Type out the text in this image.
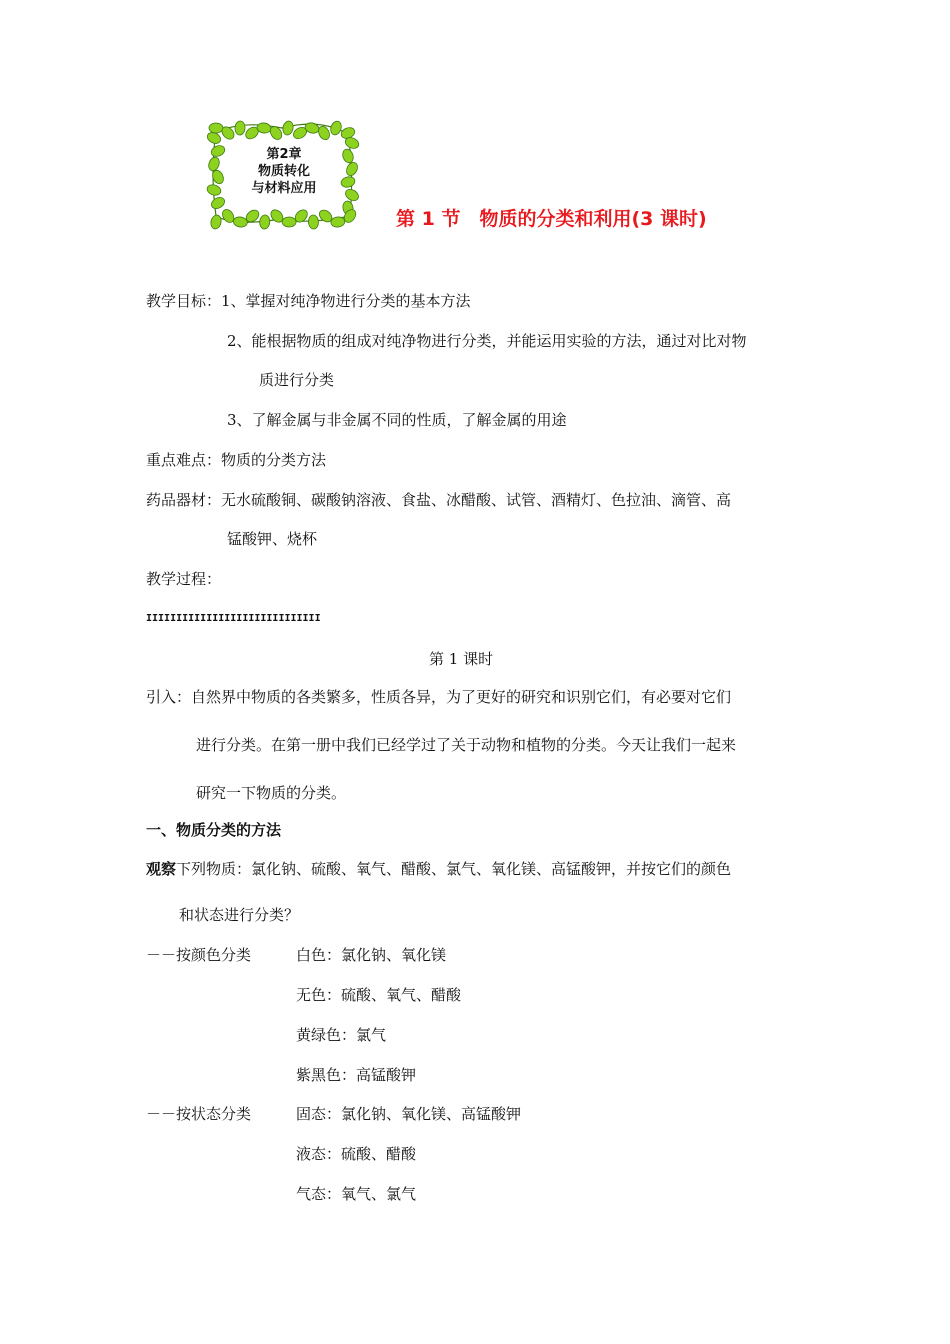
第2章
物质转化
与材料应用
第 1 节　物质的分类和利用(3 课时)
教学目标：1、掌握对纯净物进行分类的基本方法
2、能根据物质的组成对纯净物进行分类，并能运用实验的方法，通过对比对物
质进行分类
3、了解金属与非金属不同的性质，了解金属的用途
重点难点：物质的分类方法
药品器材：无水硫酸铜、碳酸钠溶液、食盐、冰醋酸、试管、酒精灯、色拉油、滴管、高
锰酸钾、烧杯
教学过程：
IIIIIIIIIIIIIIIIIIIIIIIIIIIII
第 1 课时
引入：自然界中物质的各类繁多，性质各异，为了更好的研究和识别它们，有必要对它们
进行分类。在第一册中我们已经学过了关于动物和植物的分类。今天让我们一起来
研究一下物质的分类。
一、物质分类的方法
观察下列物质：氯化钠、硫酸、氧气、醋酸、氯气、氧化镁、高锰酸钾，并按它们的颜色
和状态进行分类？
－－按颜色分类	白色：氯化钠、氧化镁
无色：硫酸、氧气、醋酸
黄绿色：氯气
紫黑色：高锰酸钾
－－按状态分类	固态：氯化钠、氧化镁、高锰酸钾
液态：硫酸、醋酸
气态：氧气、氯气
